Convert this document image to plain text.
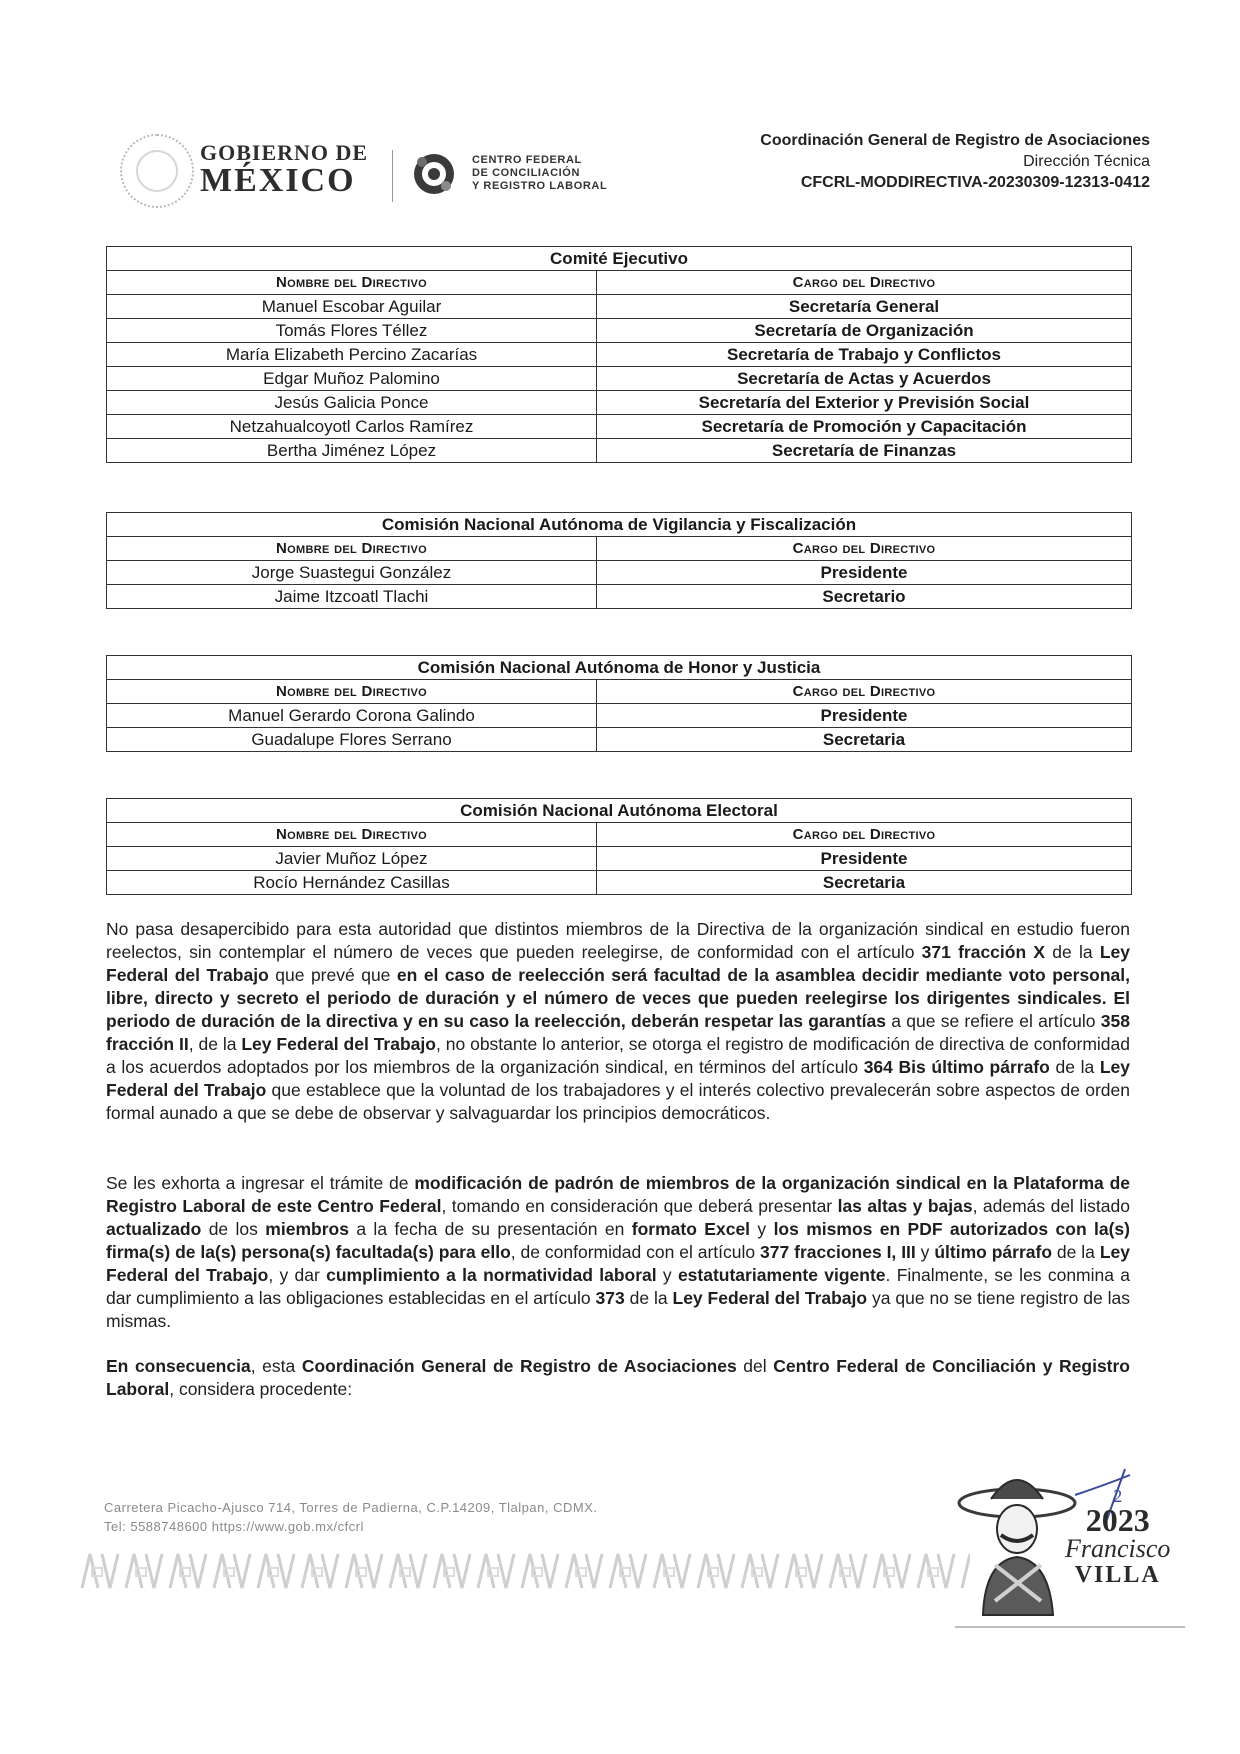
GOBIERNO DE
MÉXICO
CENTRO FEDERAL
DE CONCILIACIÓN
Y REGISTRO LABORAL
Coordinación General de Registro de Asociaciones
Dirección Técnica
CFCRL-MODDIRECTIVA-20230309-12313-0412
Comité Ejecutivo	
Nombre del Directivo	Cargo del Directivo
Manuel Escobar Aguilar	Secretaría General
Tomás Flores Téllez	Secretaría de Organización
María Elizabeth Percino Zacarías	Secretaría de Trabajo y Conflictos
Edgar Muñoz Palomino	Secretaría de Actas y Acuerdos
Jesús Galicia Ponce	Secretaría del Exterior y Previsión Social
Netzahualcoyotl Carlos Ramírez	Secretaría de Promoción y Capacitación
Bertha Jiménez López	Secretaría de Finanzas
Comisión Nacional Autónoma de Vigilancia y Fiscalización	
Nombre del Directivo	Cargo del Directivo
Jorge Suastegui González	Presidente
Jaime Itzcoatl Tlachi	Secretario
Comisión Nacional Autónoma de Honor y Justicia	
Nombre del Directivo	Cargo del Directivo
Manuel Gerardo Corona Galindo	Presidente
Guadalupe Flores Serrano	Secretaria
Comisión Nacional Autónoma Electoral	
Nombre del Directivo	Cargo del Directivo
Javier Muñoz López	Presidente
Rocío Hernández Casillas	Secretaria
No pasa desapercibido para esta autoridad que distintos miembros de la Directiva de la organización sindical en estudio fueron reelectos, sin contemplar el número de veces que pueden reelegirse, de conformidad con el artículo 371 fracción X de la Ley Federal del Trabajo que prevé que en el caso de reelección será facultad de la asamblea decidir mediante voto personal, libre, directo y secreto el periodo de duración y el número de veces que pueden reelegirse los dirigentes sindicales. El periodo de duración de la directiva y en su caso la reelección, deberán respetar las garantías a que se refiere el artículo 358 fracción II, de la Ley Federal del Trabajo, no obstante lo anterior, se otorga el registro de modificación de directiva de conformidad a los acuerdos adoptados por los miembros de la organización sindical, en términos del artículo 364 Bis último párrafo de la Ley Federal del Trabajo que establece que la voluntad de los trabajadores y el interés colectivo prevalecerán sobre aspectos de orden formal aunado a que se debe de observar y salvaguardar los principios democráticos.
Se les exhorta a ingresar el trámite de modificación de padrón de miembros de la organización sindical en la Plataforma de Registro Laboral de este Centro Federal, tomando en consideración que deberá presentar las altas y bajas, además del listado actualizado de los miembros a la fecha de su presentación en formato Excel y los mismos en PDF autorizados con la(s) firma(s) de la(s) persona(s) facultada(s) para ello, de conformidad con el artículo 377 fracciones I, III y último párrafo de la Ley Federal del Trabajo, y dar cumplimiento a la normatividad laboral y estatutariamente vigente. Finalmente, se les conmina a dar cumplimiento a las obligaciones establecidas en el artículo 373 de la Ley Federal del Trabajo ya que no se tiene registro de las mismas.
En consecuencia, esta Coordinación General de Registro de Asociaciones del Centro Federal de Conciliación y Registro Laboral, considera procedente:
Carretera Picacho-Ajusco 714, Torres de Padierna, C.P.14209, Tlalpan, CDMX.
Tel: 5588748600 https://www.gob.mx/cfcrl
2
2023
Francisco
VILLA
